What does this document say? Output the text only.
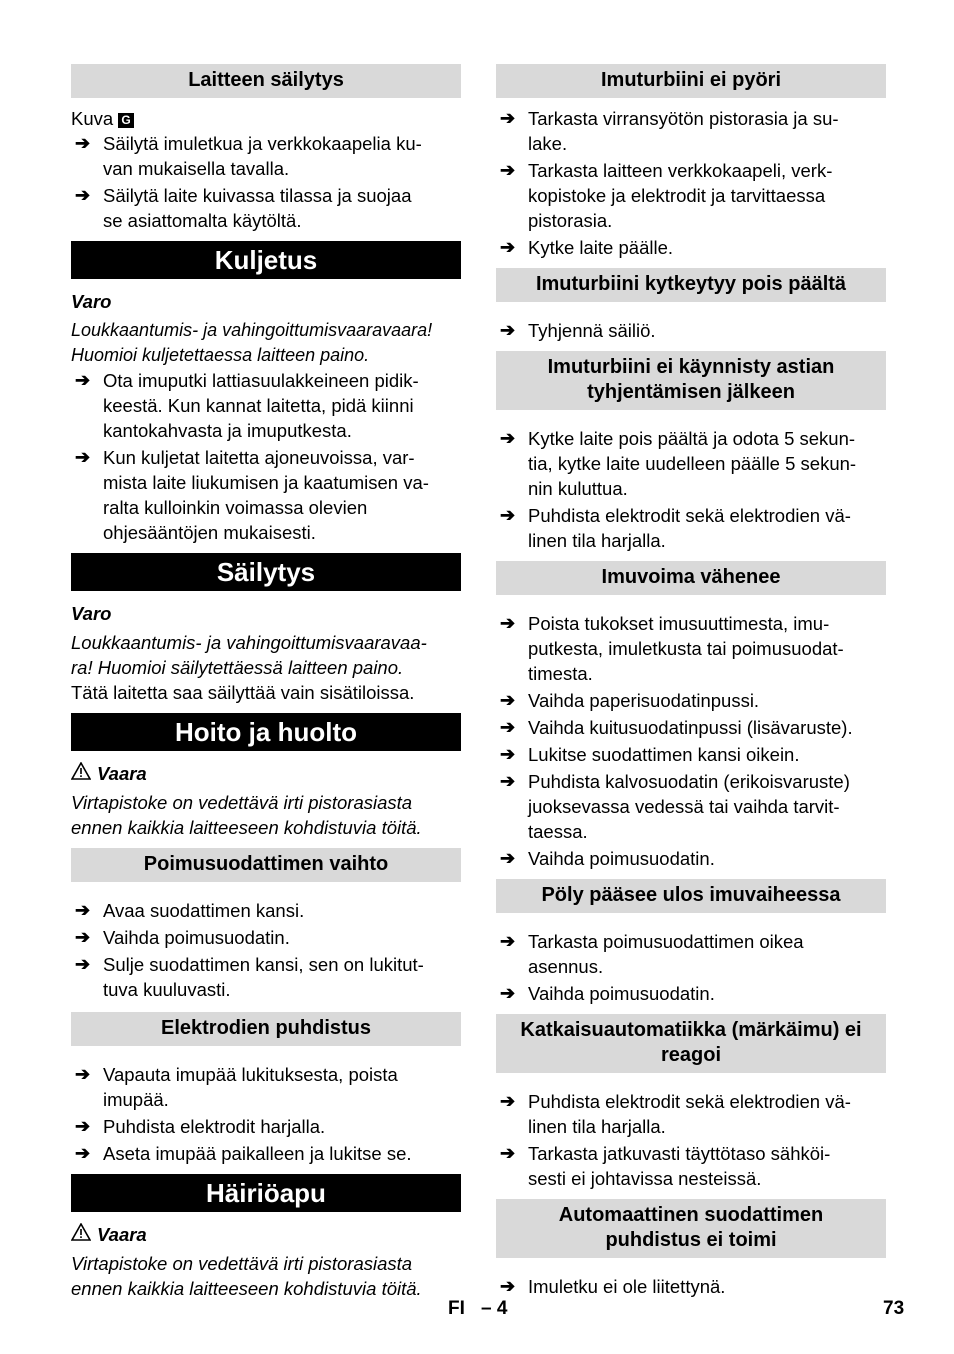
Laitteen säilytys

Kuva G

➔ Säilytä imuletkua ja verkkokaapelia ku-
van mukaisella tavalla.
➔ Säilytä laite kuivassa tilassa ja suojaa
se asiattomalta käytöltä.
Kuljetus

Varo

Loukkaantumis- ja vahingoittumisvaaravaara!
Huomioi kuljetettaessa laitteen paino.

➔ Ota imuputki lattiasuulakkeineen pidik-
keestä. Kun kannat laitetta, pidä kiinni
kantokahvasta ja imuputkesta.
➔ Kun kuljetat laitetta ajoneuvoissa, var-
mista laite liukumisen ja kaatumisen va-
ralta kulloinkin voimassa olevien
ohjesääntöjen mukaisesti.
Säilytys

Varo

Loukkaantumis- ja vahingoittumisvaaravaa-
ra! Huomioi säilytettäessä laitteen paino.

Tätä laitetta saa säilyttää vain sisätiloissa.

Hoito ja huolto

Vaara

Virtapistoke on vedettävä irti pistorasiasta
ennen kaikkia laitteeseen kohdistuvia töitä.

Poimusuodattimen vaihto
➔ Avaa suodattimen kansi.
➔ Vaihda poimusuodatin.
➔ Sulje suodattimen kansi, sen on lukitut-
tuva kuuluvasti.
Elektrodien puhdistus
➔ Vapauta imupää lukituksesta, poista
imupää.
➔ Puhdista elektrodit harjalla.
➔ Aseta imupää paikalleen ja lukitse se.
Häiriöapu

Vaara

Virtapistoke on vedettävä irti pistorasiasta
ennen kaikkia laitteeseen kohdistuvia töitä.

Imuturbiini ei pyöri
➔ Tarkasta virransyötön pistorasia ja su-
lake.
➔ Tarkasta laitteen verkkokaapeli, verk-
kopistoke ja elektrodit ja tarvittaessa
pistorasia.
➔ Kytke laite päälle.
Imuturbiini kytkeytyy pois päältä
➔ Tyhjennä säiliö.
Imuturbiini ei käynnisty astian
tyhjentämisen jälkeen
➔ Kytke laite pois päältä ja odota 5 sekun-
tia, kytke laite uudelleen päälle 5 sekun-
nin kuluttua.
➔ Puhdista elektrodit sekä elektrodien vä-
linen tila harjalla.
Imuvoima vähenee
➔ Poista tukokset imusuuttimesta, imu-
putkesta, imuletkusta tai poimusuodat-
timesta.
➔ Vaihda paperisuodatinpussi.
➔ Vaihda kuitusuodatinpussi (lisävaruste).
➔ Lukitse suodattimen kansi oikein.
➔ Puhdista kalvosuodatin (erikoisvaruste)
juoksevassa vedessä tai vaihda tarvit-
taessa.
➔ Vaihda poimusuodatin.
Pöly pääsee ulos imuvaiheessa
➔ Tarkasta poimusuodattimen oikea
asennus.
➔ Vaihda poimusuodatin.
Katkaisuautomatiikka (märkäimu) ei
reagoi
➔ Puhdista elektrodit sekä elektrodien vä-
linen tila harjalla.
➔ Tarkasta jatkuvasti täyttötaso sähköi-
sesti ei johtavissa nesteissä.
Automaattinen suodattimen
puhdistus ei toimi
➔ Imuletku ei ole liitettynä.
FI – 4	73
